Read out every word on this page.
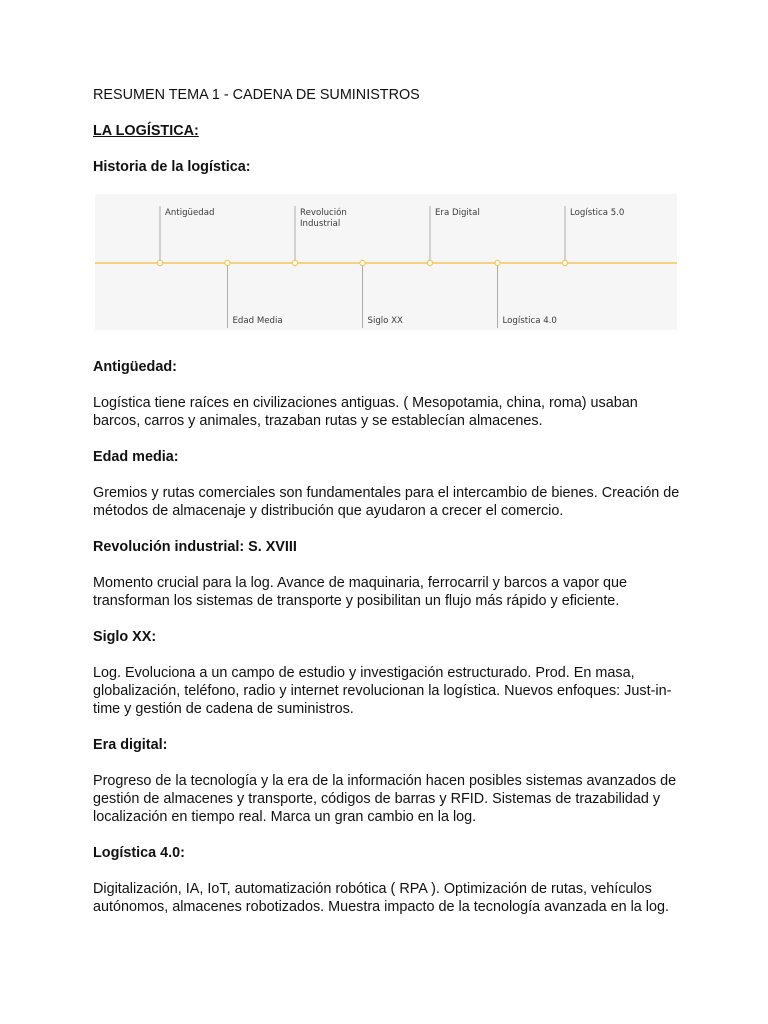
RESUMEN TEMA 1 - CADENA DE SUMINISTROS

LA LOGÍSTICA:

Historia de la logística:

Antigüedad
Edad Media
Revolución
Industrial
Siglo XX
Era Digital
Logística 4.0
Logística 5.0

Antigüedad:

Logística tiene raíces en civilizaciones antiguas. ( Mesopotamia, china, roma) usaban barcos, carros y animales, trazaban rutas y se establecían almacenes.

Edad media:

Gremios y rutas comerciales son fundamentales para el intercambio de bienes. Creación de métodos de almacenaje y distribución que ayudaron a crecer el comercio.

Revolución industrial: S. XVIII

Momento crucial para la log. Avance de maquinaria, ferrocarril y barcos a vapor que transforman los sistemas de transporte y posibilitan un flujo más rápido y eficiente.

Siglo XX:

Log. Evoluciona a un campo de estudio y investigación estructurado. Prod. En masa, globalización, teléfono, radio y internet revolucionan la logística. Nuevos enfoques: Just-in-time y gestión de cadena de suministros.

Era digital:

Progreso de la tecnología y la era de la información hacen posibles sistemas avanzados de gestión de almacenes y transporte, códigos de barras y RFID. Sistemas de trazabilidad y localización en tiempo real. Marca un gran cambio en la log.

Logística 4.0:

Digitalización, IA, IoT, automatización robótica ( RPA ). Optimización de rutas, vehículos autónomos, almacenes robotizados. Muestra impacto de la tecnología avanzada en la log.
